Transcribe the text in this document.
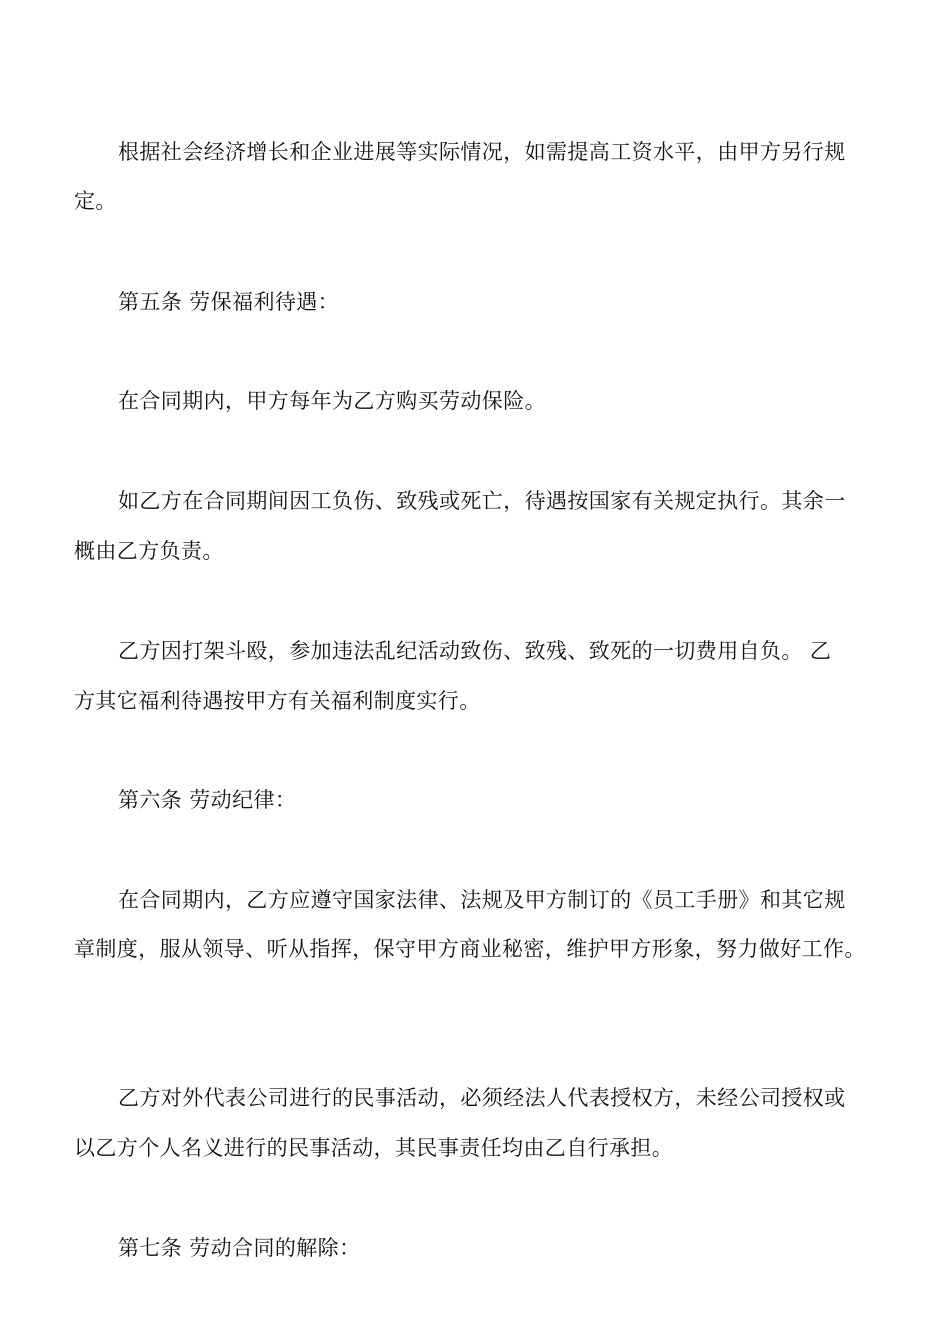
根据社会经济增长和企业进展等实际情况，如需提高工资水平，由甲方另行规
定。
第五条 劳保福利待遇：
在合同期内，甲方每年为乙方购买劳动保险。
如乙方在合同期间因工负伤、致残或死亡，待遇按国家有关规定执行。其余一
概由乙方负责。
乙方因打架斗殴，参加违法乱纪活动致伤、致残、致死的一切费用自负。 乙
方其它福利待遇按甲方有关福利制度实行。
第六条 劳动纪律：
在合同期内，乙方应遵守国家法律、法规及甲方制订的《员工手册》和其它规
章制度，服从领导、听从指挥，保守甲方商业秘密，维护甲方形象，努力做好工作。
乙方对外代表公司进行的民事活动，必须经法人代表授权方，未经公司授权或
以乙方个人名义进行的民事活动，其民事责任均由乙自行承担。
第七条 劳动合同的解除：
